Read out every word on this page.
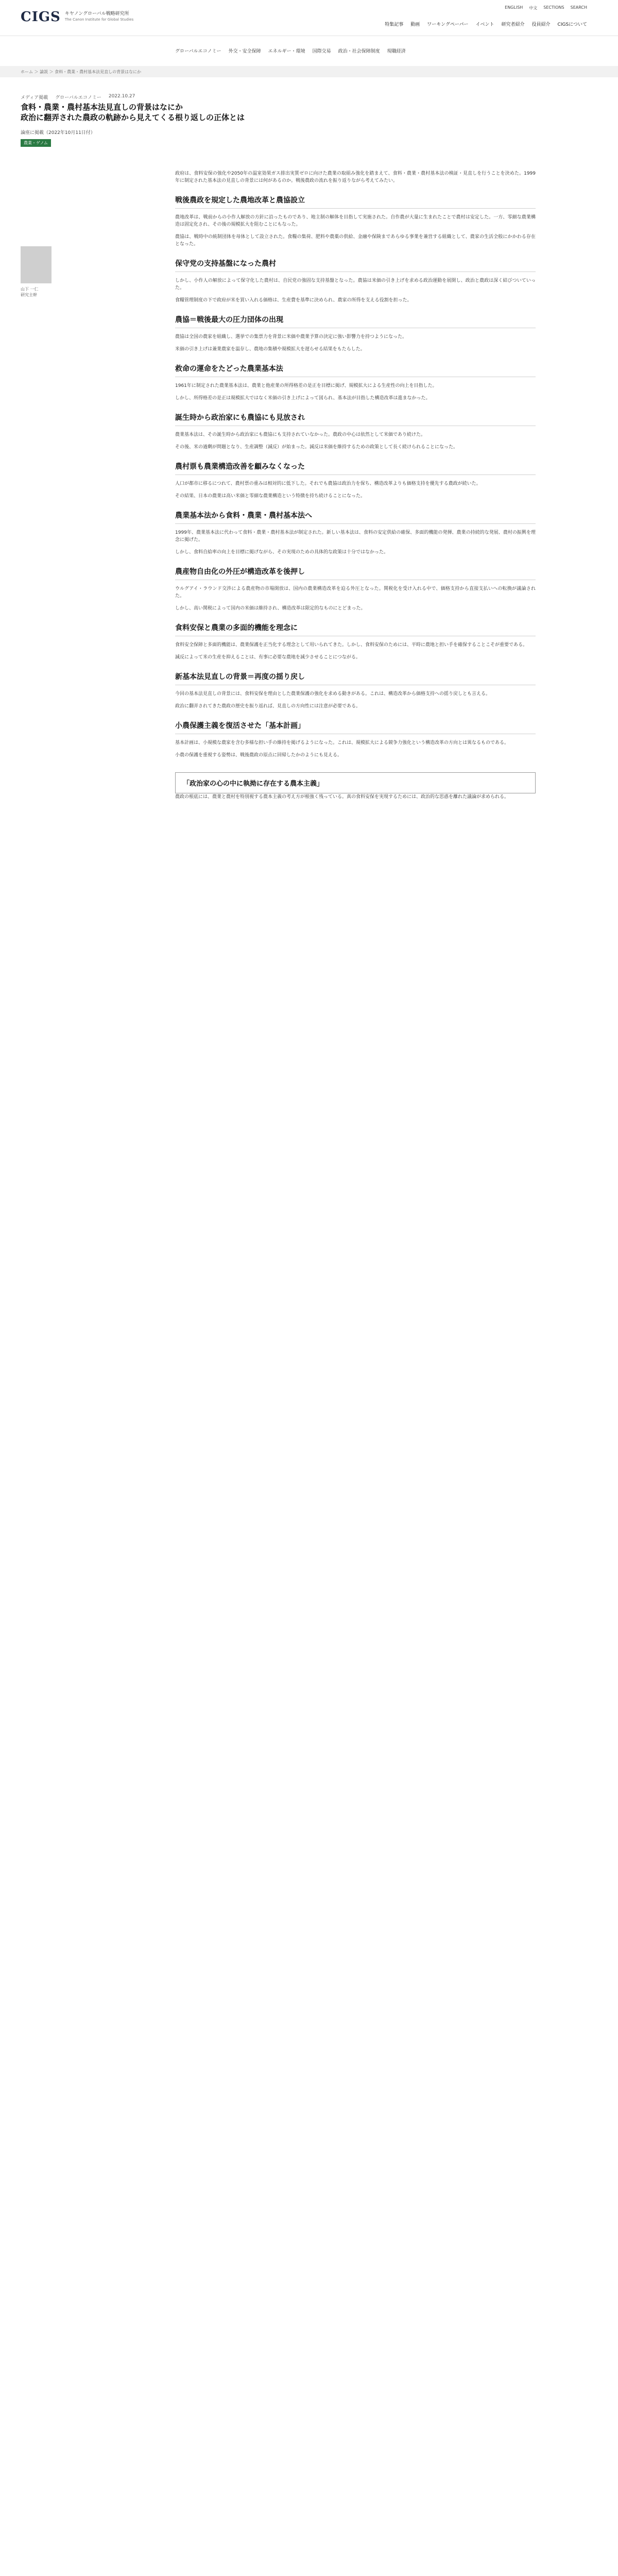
CIGS キヤノングローバル戦略研究所
The Canon Institute for Global Studies
ENGLISH 中文 SECTIONS SEARCH
特集記事 動画 ワーキングペーパー イベント 研究者紹介 役員紹介 CIGSについて
グローバルエコノミー 外交・安全保障 エネルギー・環境 国際交易 政治・社会保障制度 現職経済
ホーム ＞ 論説 ＞ 食料・農業・農村基本法見直しの背景はなにか
メディア掲載 グローバルエコノミー 2022.10.27
食料・農業・農村基本法見直しの背景はなにか
政治に翻弄された農政の軌跡から見えてくる根り返しの正体とは
論座に掲載（2022年10月11日付）
農業・ゲノム
山下 一仁
研究主幹

政府は、食料安保の強化や2050年の温室効果ガス排出実質ゼロに向けた農業の取組み強化を踏まえて、食料・農業・農村基本法の検証・見直しを行うことを決めた。1999年に制定された基本法の見直しの背景には何があるのか。戦後農政の流れを振り返りながら考えてみたい。

戦後農政を規定した農地改革と農協設立

農地改革は、戦前からの小作人解放の方針に沿ったものであり、地主制の解体を目指して実施された。自作農が大量に生まれたことで農村は安定した。一方、零細な農業構造は固定化され、その後の規模拡大を阻むことにもなった。

農協は、戦時中の統制団体を母体として設立された。食糧の集荷、肥料や農薬の供給、金融や保険まであらゆる事業を兼営する組織として、農家の生活全般にかかわる存在となった。

保守党の支持基盤になった農村

しかし、小作人の解放によって保守化した農村は、自民党の強固な支持基盤となった。農協は米価の引き上げを求める政治運動を展開し、政治と農政は深く結びついていった。

食糧管理制度の下で政府が米を買い入れる価格は、生産費を基準に決められ、農家の所得を支える役割を担った。

農協＝戦後最大の圧力団体の出現

農協は全国の農家を組織し、選挙での集票力を背景に米価や農業予算の決定に強い影響力を持つようになった。

米価の引き上げは兼業農家を温存し、農地の集積や規模拡大を遅らせる結果をもたらした。

救命の運命をたどった農業基本法

1961年に制定された農業基本法は、農業と他産業の所得格差の是正を目標に掲げ、規模拡大による生産性の向上を目指した。

しかし、所得格差の是正は規模拡大ではなく米価の引き上げによって図られ、基本法が目指した構造改革は進まなかった。

誕生時から政治家にも農協にも見放され

農業基本法は、その誕生時から政治家にも農協にも支持されていなかった。農政の中心は依然として米価であり続けた。

その後、米の過剰が問題となり、生産調整（減反）が始まった。減反は米価を維持するための政策として長く続けられることになった。

農村票も農業構造改善を顧みなくなった

人口が都市に移るにつれて、農村票の重みは相対的に低下した。それでも農協は政治力を保ち、構造改革よりも価格支持を優先する農政が続いた。

その結果、日本の農業は高い米価と零細な農業構造という特徴を持ち続けることになった。

農業基本法から食料・農業・農村基本法へ

1999年、農業基本法に代わって食料・農業・農村基本法が制定された。新しい基本法は、食料の安定供給の確保、多面的機能の発揮、農業の持続的な発展、農村の振興を理念に掲げた。

しかし、食料自給率の向上を目標に掲げながら、その実現のための具体的な政策は十分ではなかった。

農産物自由化の外圧が構造改革を後押し

ウルグアイ・ラウンド交渉による農産物の市場開放は、国内の農業構造改革を迫る外圧となった。関税化を受け入れる中で、価格支持から直接支払いへの転換が議論された。

しかし、高い関税によって国内の米価は維持され、構造改革は限定的なものにとどまった。

食料安保と農業の多面的機能を理念に

食料安全保障と多面的機能は、農業保護を正当化する理念として用いられてきた。しかし、食料安保のためには、平時に農地と担い手を確保することこそが重要である。

減反によって米の生産を抑えることは、有事に必要な農地を減少させることにつながる。

新基本法見直しの背景＝再度の揺り戻し

今回の基本法見直しの背景には、食料安保を理由とした農業保護の強化を求める動きがある。これは、構造改革から価格支持への揺り戻しとも言える。

政治に翻弄されてきた農政の歴史を振り返れば、見直しの方向性には注意が必要である。

小農保護主義を復活させた「基本計画」

基本計画は、小規模な農家を含む多様な担い手の維持を掲げるようになった。これは、規模拡大による競争力強化という構造改革の方向とは異なるものである。

小農の保護を重視する姿勢は、戦後農政の原点に回帰したかのようにも見える。

「政治家の心の中に執拗に存在する農本主義」

農政の根底には、農業と農村を特別視する農本主義の考え方が根強く残っている。真の食料安保を実現するためには、政治的な思惑を離れた議論が求められる。
